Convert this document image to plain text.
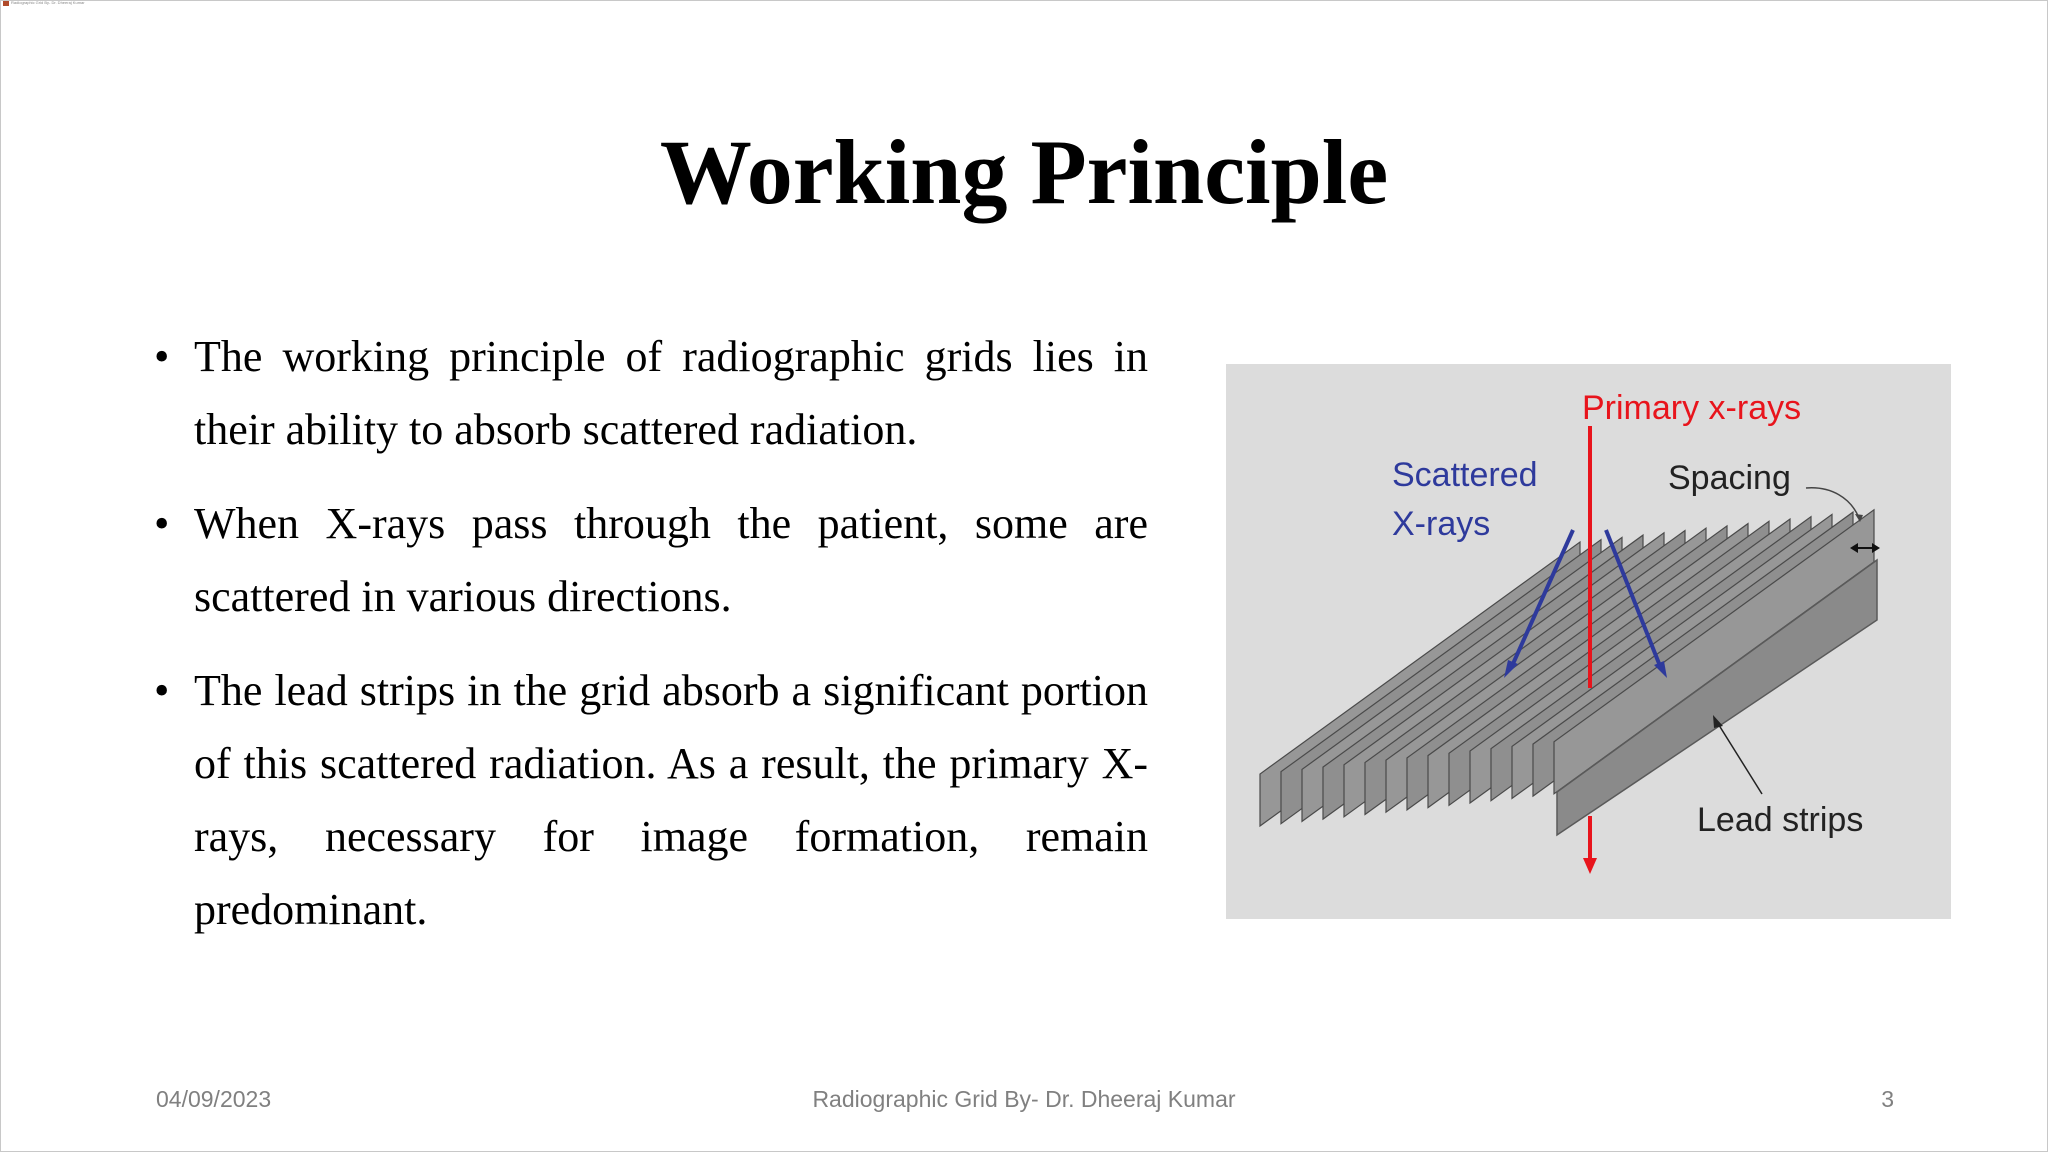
Radiographic Grid By- Dr. Dheeraj Kumar
Working Principle
• The working principle of radiographic grids lies in their ability to absorb scattered radiation.
• When X-rays pass through the patient, some are scattered in various directions.
• The lead strips in the grid absorb a significant portion of this scattered radiation. As a result, the primary X-rays, necessary for image formation, remain predominant.
Primary x-rays
Scattered
X-rays
Spacing
Lead strips
04/09/2023	Radiographic Grid By- Dr. Dheeraj Kumar	3
